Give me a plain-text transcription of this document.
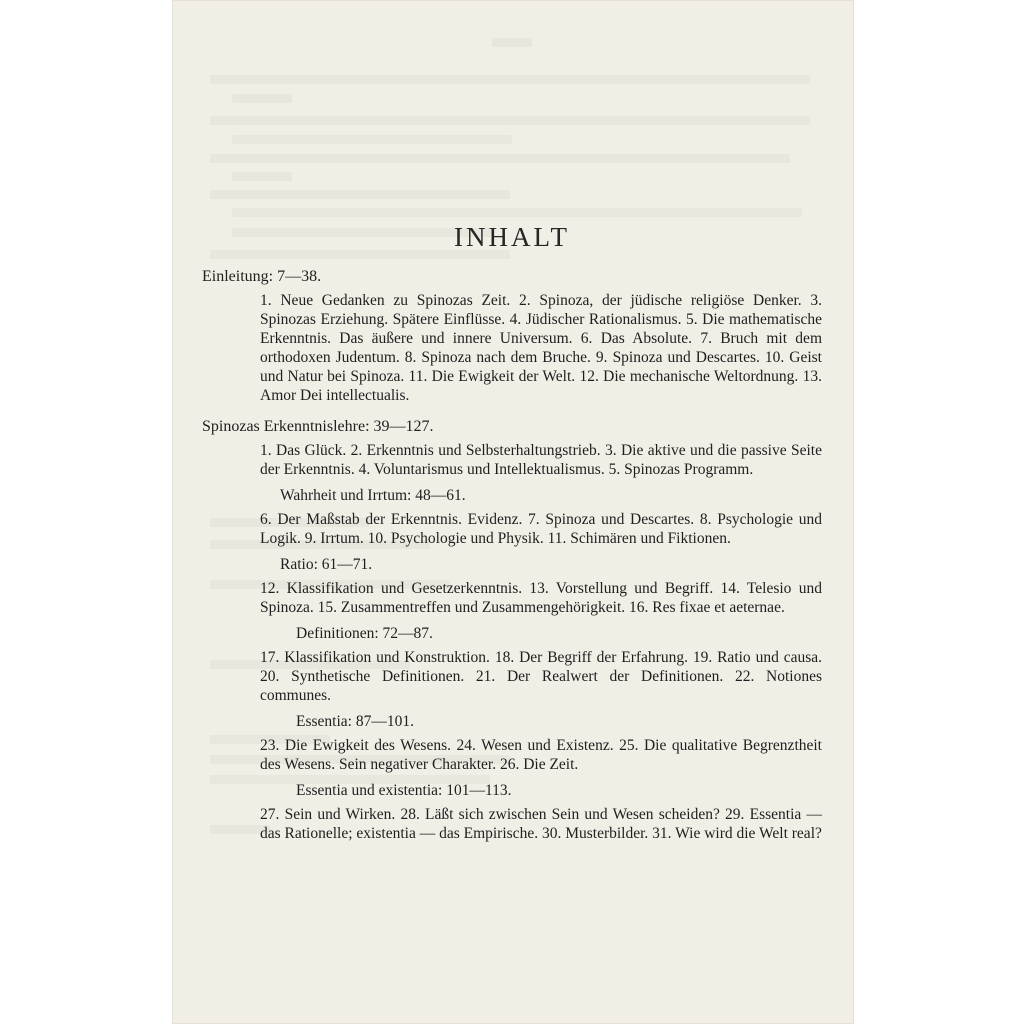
INHALT
Einleitung: 7—38.
1. Neue Gedanken zu Spinozas Zeit. 2. Spinoza, der jüdische religiöse Denker. 3. Spinozas Erziehung. Spätere Einflüsse. 4. Jüdischer Rationalismus. 5. Die mathematische Erkenntnis. Das äußere und innere Universum. 6. Das Absolute. 7. Bruch mit dem orthodoxen Judentum. 8. Spinoza nach dem Bruche. 9. Spinoza und Descartes. 10. Geist und Natur bei Spinoza. 11. Die Ewigkeit der Welt. 12. Die mechanische Weltordnung. 13. Amor Dei intellectualis.
Spinozas Erkenntnislehre: 39—127.
1. Das Glück. 2. Erkenntnis und Selbsterhaltungstrieb. 3. Die aktive und die passive Seite der Erkenntnis. 4. Voluntarismus und Intellektualismus. 5. Spinozas Programm.
Wahrheit und Irrtum: 48—61.
6. Der Maßstab der Erkenntnis. Evidenz. 7. Spinoza und Descartes. 8. Psychologie und Logik. 9. Irrtum. 10. Psychologie und Physik. 11. Schimären und Fiktionen.
Ratio: 61—71.
12. Klassifikation und Gesetzerkenntnis. 13. Vorstellung und Begriff. 14. Telesio und Spinoza. 15. Zusammentreffen und Zusammengehörigkeit. 16. Res fixae et aeternae.
Definitionen: 72—87.
17. Klassifikation und Konstruktion. 18. Der Begriff der Erfahrung. 19. Ratio und causa. 20. Synthetische Definitionen. 21. Der Realwert der Definitionen. 22. Notiones communes.
Essentia: 87—101.
23. Die Ewigkeit des Wesens. 24. Wesen und Existenz. 25. Die qualitative Begrenztheit des Wesens. Sein negativer Charakter. 26. Die Zeit.
Essentia und existentia: 101—113.
27. Sein und Wirken. 28. Läßt sich zwischen Sein und Wesen scheiden? 29. Essentia — das Rationelle; existentia — das Empirische. 30. Musterbilder. 31. Wie wird die Welt real?
